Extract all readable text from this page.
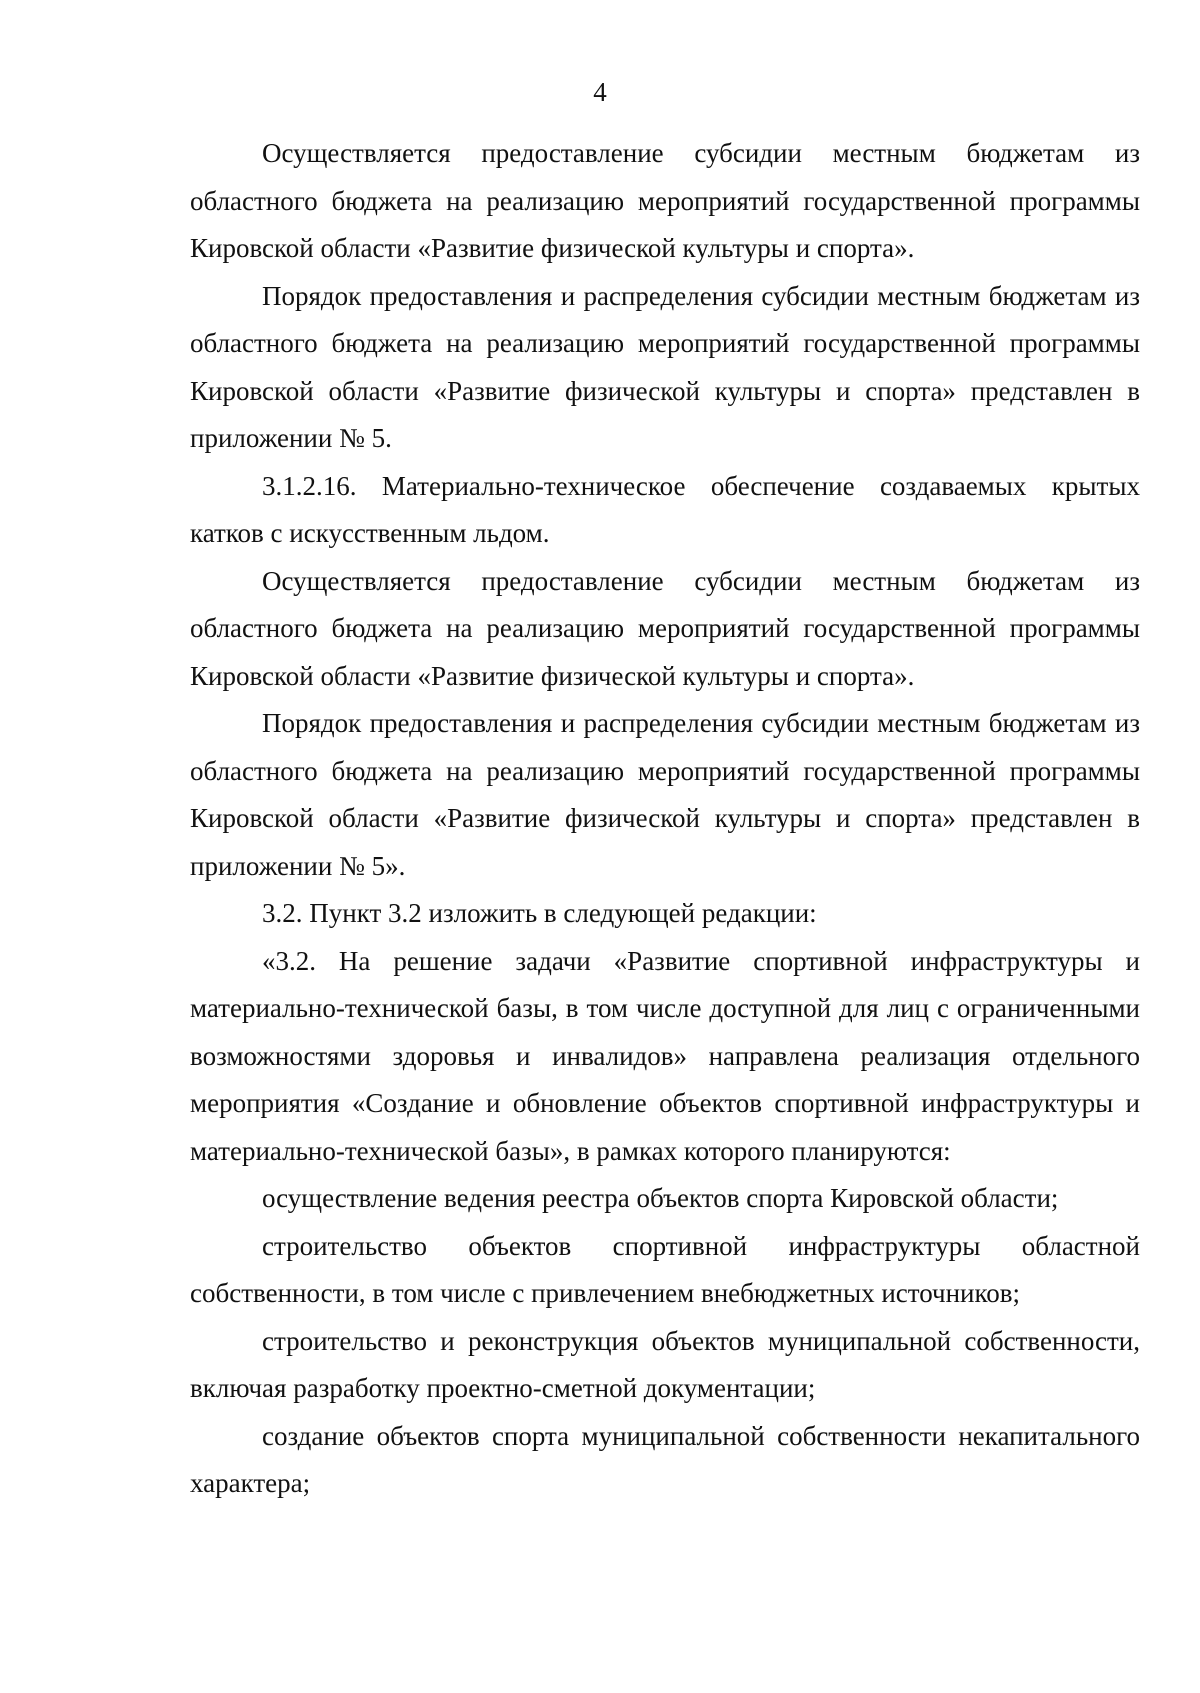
4

Осуществляется предоставление субсидии местным бюджетам из областного бюджета на реализацию мероприятий государственной программы Кировской области «Развитие физической культуры и спорта».

Порядок предоставления и распределения субсидии местным бюджетам из областного бюджета на реализацию мероприятий государственной программы Кировской области «Развитие физической культуры и спорта» представлен в приложении № 5.

3.1.2.16. Материально-техническое обеспечение создаваемых крытых катков с искусственным льдом.

Осуществляется предоставление субсидии местным бюджетам из областного бюджета на реализацию мероприятий государственной программы Кировской области «Развитие физической культуры и спорта».

Порядок предоставления и распределения субсидии местным бюджетам из областного бюджета на реализацию мероприятий государственной программы Кировской области «Развитие физической культуры и спорта» представлен в приложении № 5».

3.2. Пункт 3.2 изложить в следующей редакции:

«3.2. На решение задачи «Развитие спортивной инфраструктуры и материально-технической базы, в том числе доступной для лиц с ограниченными возможностями здоровья и инвалидов» направлена реализация отдельного мероприятия «Создание и обновление объектов спортивной инфраструктуры и материально-технической базы», в рамках которого планируются:

осуществление ведения реестра объектов спорта Кировской области;

строительство объектов спортивной инфраструктуры областной собственности, в том числе с привлечением внебюджетных источников;

строительство и реконструкция объектов муниципальной собственности, включая разработку проектно-сметной документации;

создание объектов спорта муниципальной собственности некапитального характера;
